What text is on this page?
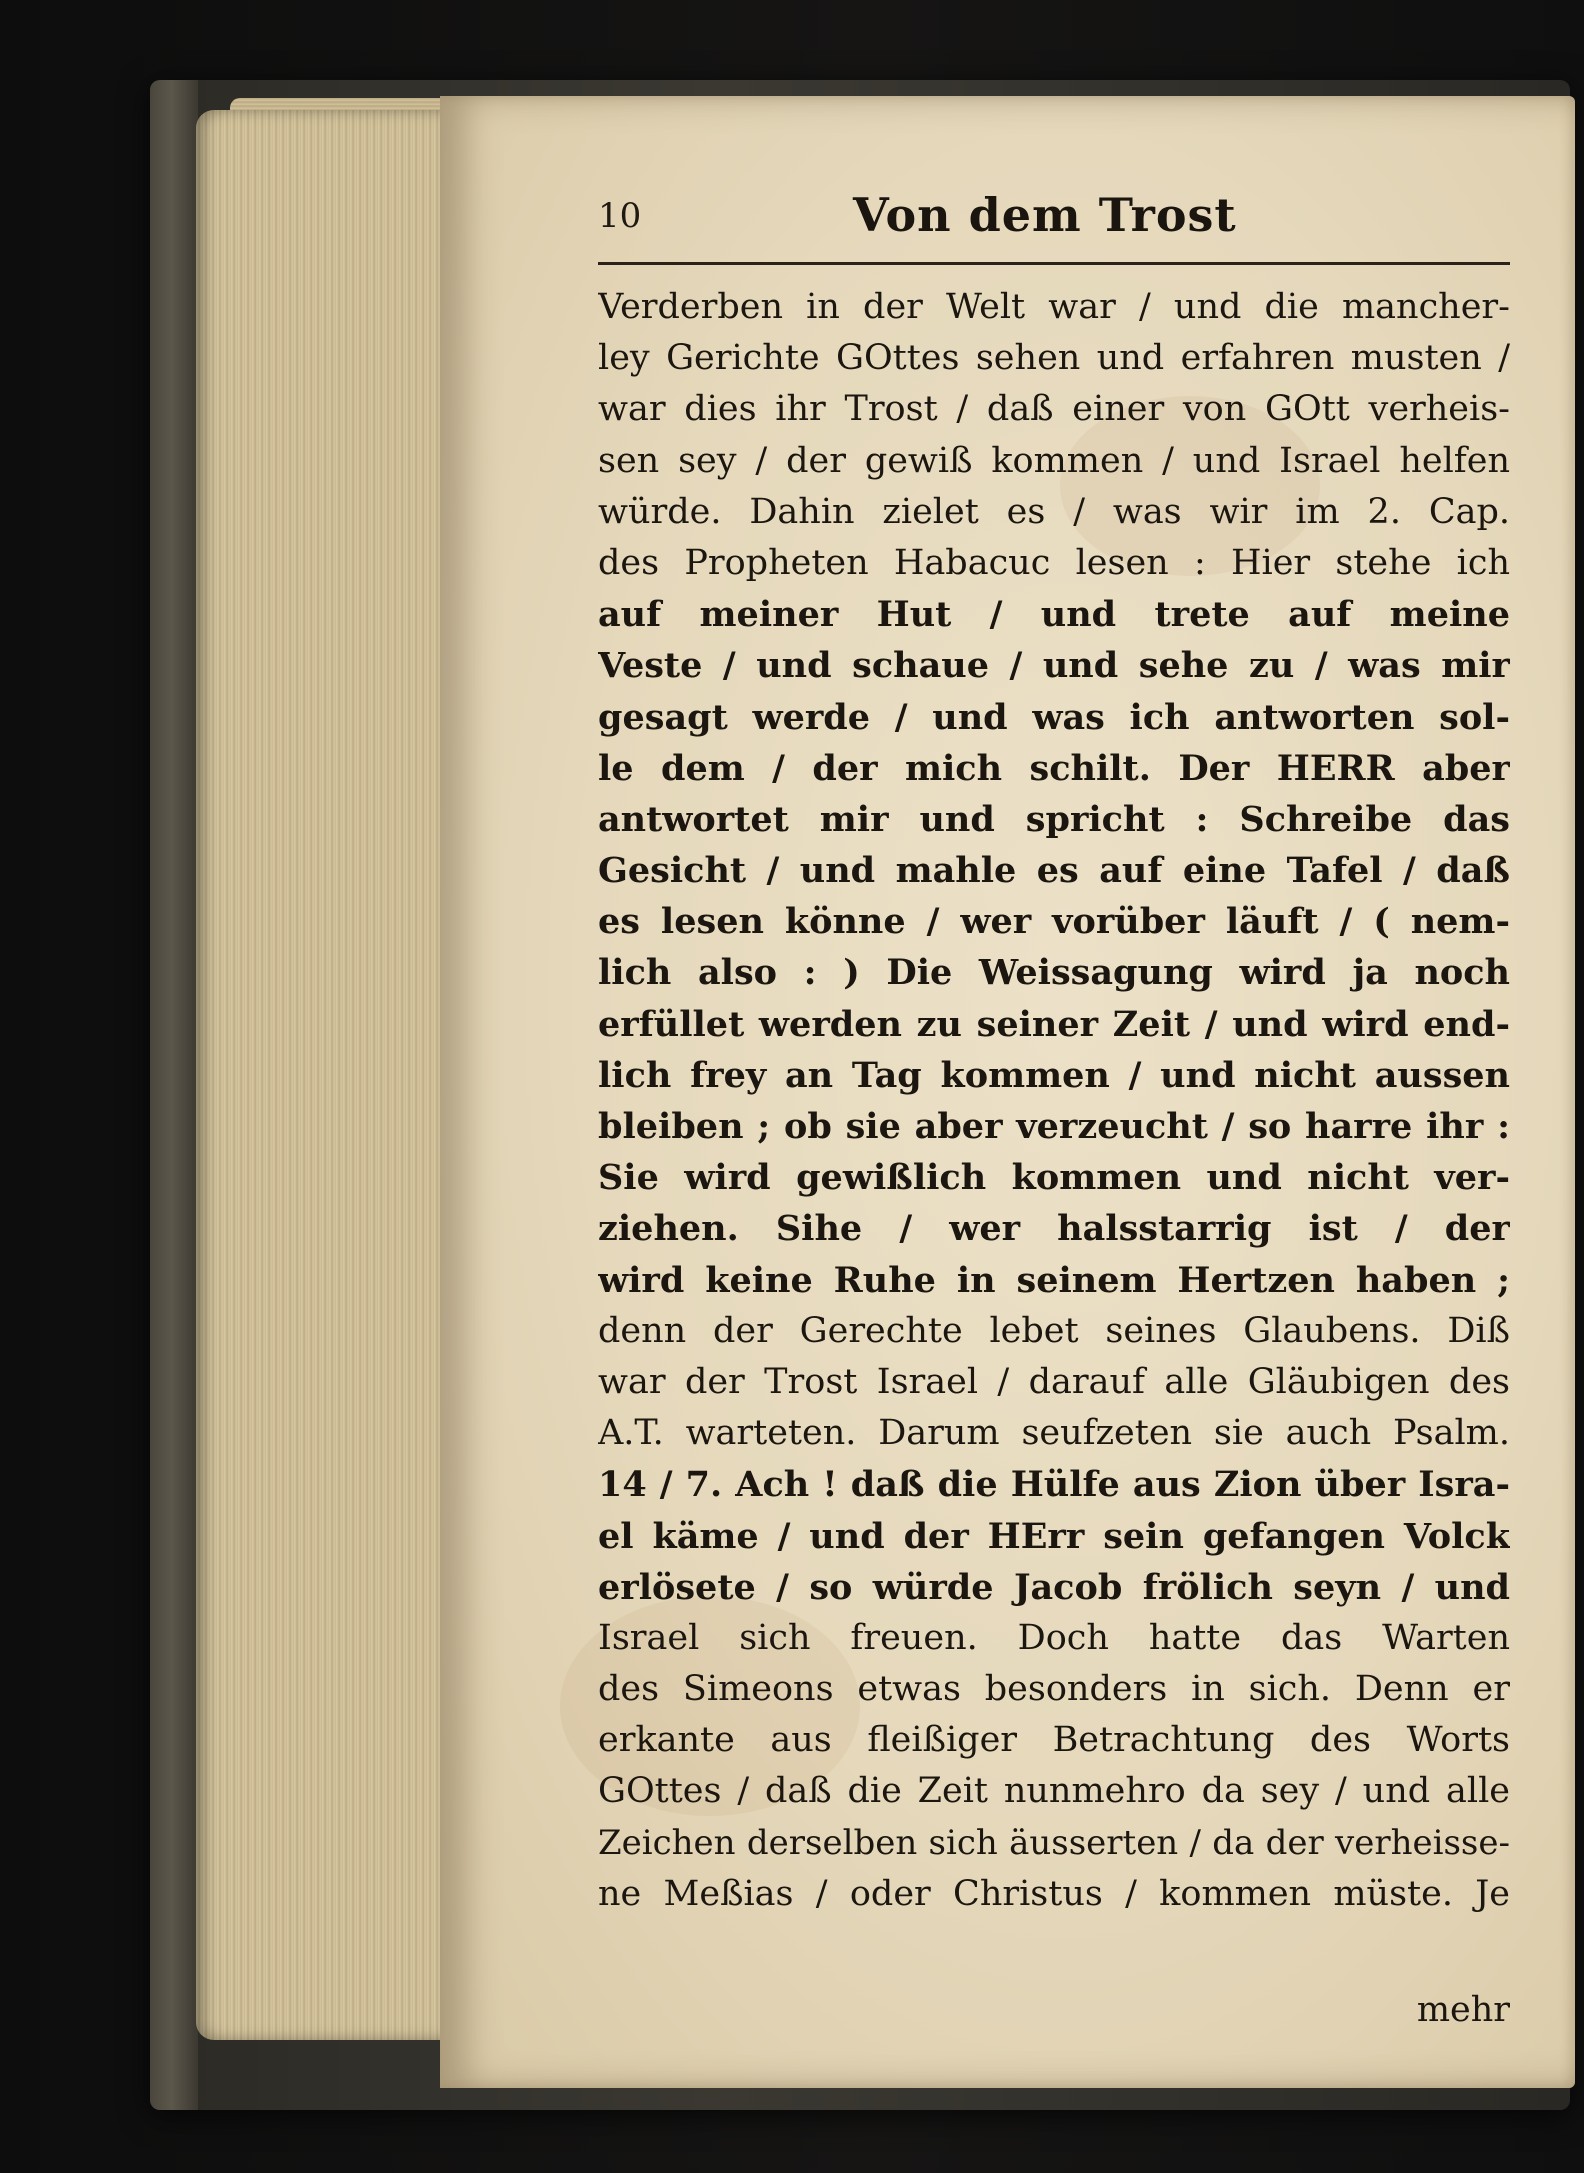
10	Von dem Trost
Verderben in der Welt war / und die mancher-
ley Gerichte GOttes sehen und erfahren musten /
war dies ihr Trost / daß einer von GOtt verheis-
sen sey / der gewiß kommen / und Israel helfen
würde. Dahin zielet es / was wir im 2. Cap.
des Propheten Habacuc lesen : Hier stehe ich
auf meiner Hut / und trete auf meine
Veste / und schaue / und sehe zu / was mir
gesagt werde / und was ich antworten sol-
le dem / der mich schilt. Der HERR aber
antwortet mir und spricht : Schreibe das
Gesicht / und mahle es auf eine Tafel / daß
es lesen könne / wer vorüber läuft / ( nem-
lich also : ) Die Weissagung wird ja noch
erfüllet werden zu seiner Zeit / und wird end-
lich frey an Tag kommen / und nicht aussen
bleiben ; ob sie aber verzeucht / so harre ihr :
Sie wird gewißlich kommen und nicht ver-
ziehen. Sihe / wer halsstarrig ist / der
wird keine Ruhe in seinem Hertzen haben ;
denn der Gerechte lebet seines Glaubens. Diß
war der Trost Israel / darauf alle Gläubigen des
A.T. warteten. Darum seufzeten sie auch Psalm.
14 / 7. Ach ! daß die Hülfe aus Zion über Isra-
el käme / und der HErr sein gefangen Volck
erlösete / so würde Jacob frölich seyn / und
Israel sich freuen. Doch hatte das Warten
des Simeons etwas besonders in sich. Denn er
erkante aus fleißiger Betrachtung des Worts
GOttes / daß die Zeit nunmehro da sey / und alle
Zeichen derselben sich äusserten / da der verheisse-
ne Meßias / oder Christus / kommen müste. Je
mehr
